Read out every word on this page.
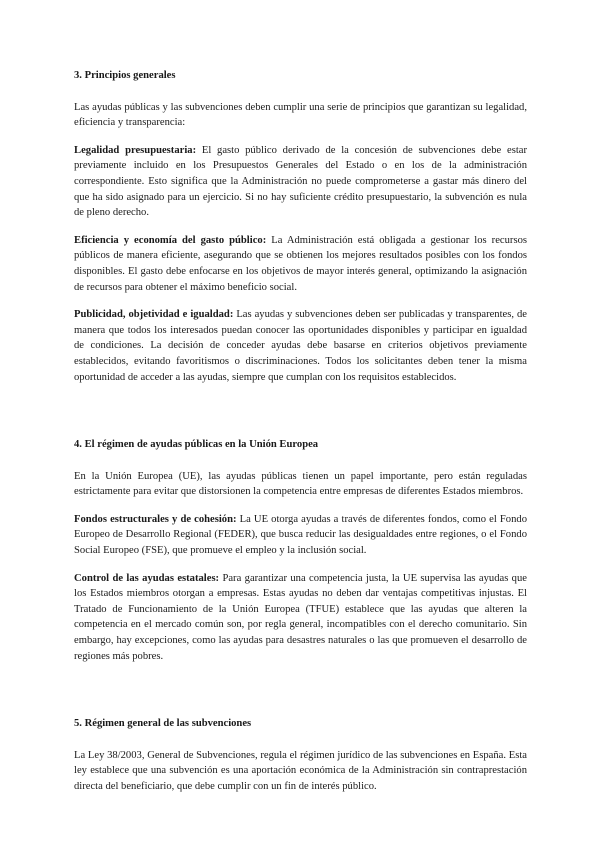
3. Principios generales

Las ayudas públicas y las subvenciones deben cumplir una serie de principios que garantizan su legalidad, eficiencia y transparencia:

Legalidad presupuestaria: El gasto público derivado de la concesión de subvenciones debe estar previamente incluido en los Presupuestos Generales del Estado o en los de la administración correspondiente. Esto significa que la Administración no puede comprometerse a gastar más dinero del que ha sido asignado para un ejercicio. Si no hay suficiente crédito presupuestario, la subvención es nula de pleno derecho.

Eficiencia y economía del gasto público: La Administración está obligada a gestionar los recursos públicos de manera eficiente, asegurando que se obtienen los mejores resultados posibles con los fondos disponibles. El gasto debe enfocarse en los objetivos de mayor interés general, optimizando la asignación de recursos para obtener el máximo beneficio social.

Publicidad, objetividad e igualdad: Las ayudas y subvenciones deben ser publicadas y transparentes, de manera que todos los interesados puedan conocer las oportunidades disponibles y participar en igualdad de condiciones. La decisión de conceder ayudas debe basarse en criterios objetivos previamente establecidos, evitando favoritismos o discriminaciones. Todos los solicitantes deben tener la misma oportunidad de acceder a las ayudas, siempre que cumplan con los requisitos establecidos.

4. El régimen de ayudas públicas en la Unión Europea

En la Unión Europea (UE), las ayudas públicas tienen un papel importante, pero están reguladas estrictamente para evitar que distorsionen la competencia entre empresas de diferentes Estados miembros.

Fondos estructurales y de cohesión: La UE otorga ayudas a través de diferentes fondos, como el Fondo Europeo de Desarrollo Regional (FEDER), que busca reducir las desigualdades entre regiones, o el Fondo Social Europeo (FSE), que promueve el empleo y la inclusión social.

Control de las ayudas estatales: Para garantizar una competencia justa, la UE supervisa las ayudas que los Estados miembros otorgan a empresas. Estas ayudas no deben dar ventajas competitivas injustas. El Tratado de Funcionamiento de la Unión Europea (TFUE) establece que las ayudas que alteren la competencia en el mercado común son, por regla general, incompatibles con el derecho comunitario. Sin embargo, hay excepciones, como las ayudas para desastres naturales o las que promueven el desarrollo de regiones más pobres.

5. Régimen general de las subvenciones

La Ley 38/2003, General de Subvenciones, regula el régimen jurídico de las subvenciones en España. Esta ley establece que una subvención es una aportación económica de la Administración sin contraprestación directa del beneficiario, que debe cumplir con un fin de interés público.
